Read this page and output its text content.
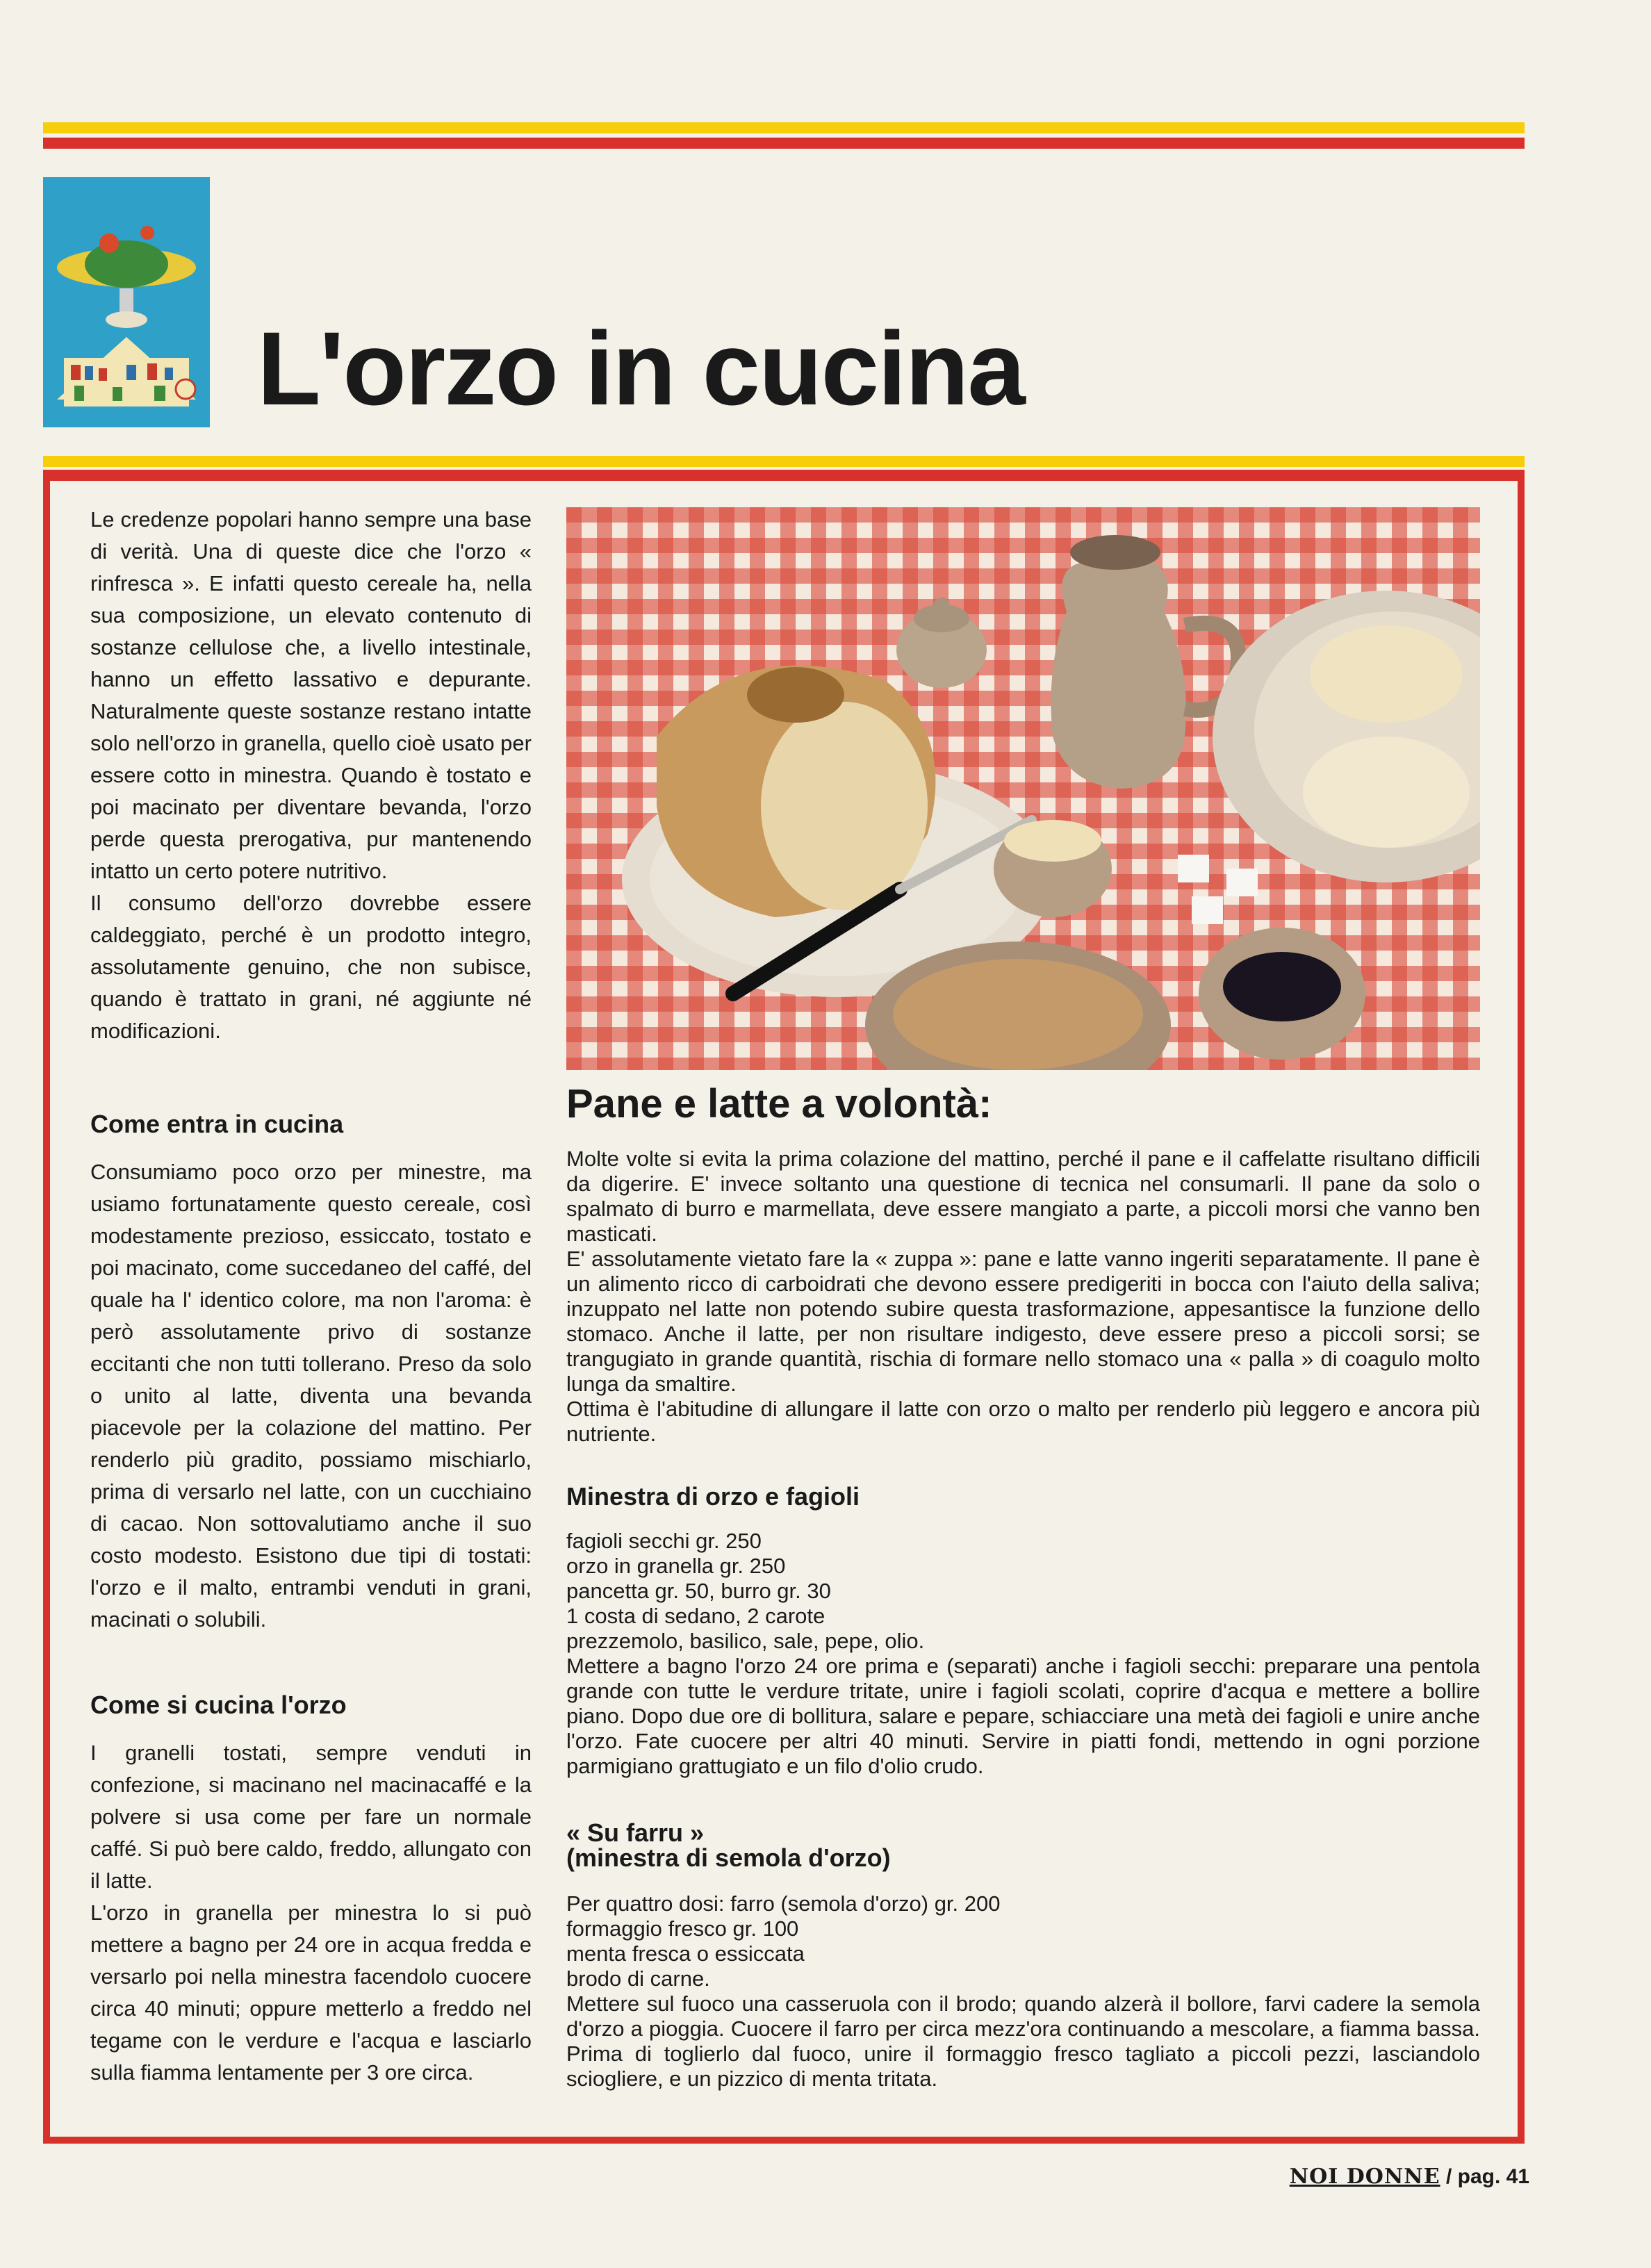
L'orzo in cucina

Le credenze popolari hanno sempre una base di verità. Una di queste dice che l'orzo « rinfresca ». E infatti questo cereale ha, nella sua composizione, un elevato contenuto di sostanze cellulose che, a livello intestinale, hanno un effetto lassativo e depurante. Naturalmente queste sostanze restano intatte solo nell'orzo in granella, quello cioè usato per essere cotto in minestra. Quando è tostato e poi macinato per diventare bevanda, l'orzo perde questa prerogativa, pur mantenendo intatto un certo potere nutritivo.

Il consumo dell'orzo dovrebbe essere caldeggiato, perché è un prodotto integro, assolutamente genuino, che non subisce, quando è trattato in grani, né aggiunte né modificazioni.

Come entra in cucina

Consumiamo poco orzo per minestre, ma usiamo fortunatamente questo cereale, così modestamente prezioso, essiccato, tostato e poi macinato, come succedaneo del caffé, del quale ha l' identico colore, ma non l'aroma: è però assolutamente privo di sostanze eccitanti che non tutti tollerano. Preso da solo o unito al latte, diventa una bevanda piacevole per la colazione del mattino. Per renderlo più gradito, possiamo mischiarlo, prima di versarlo nel latte, con un cucchiaino di cacao. Non sottovalutiamo anche il suo costo modesto. Esistono due tipi di tostati: l'orzo e il malto, entrambi venduti in grani, macinati o solubili.

Come si cucina l'orzo

I granelli tostati, sempre venduti in confezione, si macinano nel macinacaffé e la polvere si usa come per fare un normale caffé. Si può bere caldo, freddo, allungato con il latte.

L'orzo in granella per minestra lo si può mettere a bagno per 24 ore in acqua fredda e versarlo poi nella minestra facendolo cuocere circa 40 minuti; oppure metterlo a freddo nel tegame con le verdure e l'acqua e lasciarlo sulla fiamma lentamente per 3 ore circa.

Pane e latte a volontà:

Molte volte si evita la prima colazione del mattino, perché il pane e il caffelatte risultano difficili da digerire. E' invece soltanto una questione di tecnica nel consumarli. Il pane da solo o spalmato di burro e marmellata, deve essere mangiato a parte, a piccoli morsi che vanno ben masticati.

E' assolutamente vietato fare la « zuppa »: pane e latte vanno ingeriti separatamente. Il pane è un alimento ricco di carboidrati che devono essere predigeriti in bocca con l'aiuto della saliva; inzuppato nel latte non potendo subire questa trasformazione, appesantisce la funzione dello stomaco. Anche il latte, per non risultare indigesto, deve essere preso a piccoli sorsi; se trangugiato in grande quantità, rischia di formare nello stomaco una « palla » di coagulo molto lunga da smaltire.

Ottima è l'abitudine di allungare il latte con orzo o malto per renderlo più leggero e ancora più nutriente.

Minestra di orzo e fagioli

fagioli secchi gr. 250

orzo in granella gr. 250

pancetta gr. 50, burro gr. 30

1 costa di sedano, 2 carote

prezzemolo, basilico, sale, pepe, olio.

Mettere a bagno l'orzo 24 ore prima e (separati) anche i fagioli secchi: preparare una pentola grande con tutte le verdure tritate, unire i fagioli scolati, coprire d'acqua e mettere a bollire piano. Dopo due ore di bollitura, salare e pepare, schiacciare una metà dei fagioli e unire anche l'orzo. Fate cuocere per altri 40 minuti. Servire in piatti fondi, mettendo in ogni porzione parmigiano grattugiato e un filo d'olio crudo.

« Su farru »
(minestra di semola d'orzo)

Per quattro dosi: farro (semola d'orzo) gr. 200

formaggio fresco gr. 100

menta fresca o essiccata

brodo di carne.

Mettere sul fuoco una casseruola con il brodo; quando alzerà il bollore, farvi cadere la semola d'orzo a pioggia. Cuocere il farro per circa mezz'ora continuando a mescolare, a fiamma bassa. Prima di toglierlo dal fuoco, unire il formaggio fresco tagliato a piccoli pezzi, lasciandolo sciogliere, e un pizzico di menta tritata.

NOI DONNE / pag. 41
